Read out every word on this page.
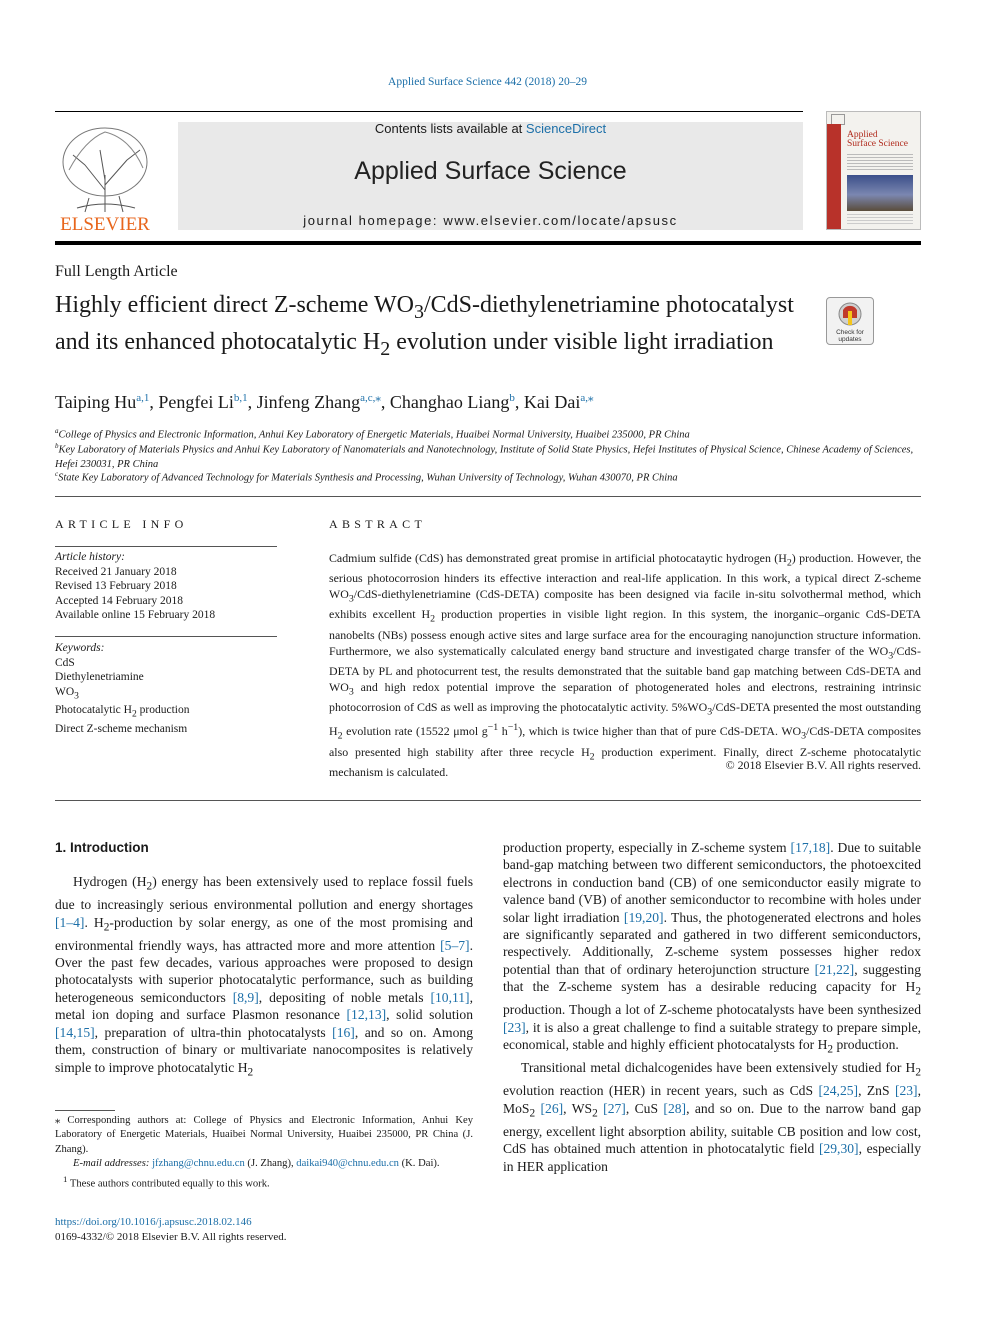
Applied Surface Science 442 (2018) 20–29
ELSEVIER
Contents lists available at ScienceDirect
Applied Surface Science
journal homepage: www.elsevier.com/locate/apsusc
Applied
Surface Science
Full Length Article
Highly efficient direct Z-scheme $WO_3/CdS$-diethylenetriamine photocatalyst and its enhanced photocatalytic $H_2$ evolution under visible light irradiation	Check for
updates
Taiping Hu$^{a,1}$, Pengfei Li$^{b,1}$, Jinfeng Zhang$^{a,c,⁎}$, Changhao Liang$^b$, Kai Dai$^{a,⁎}$
$^a$College of Physics and Electronic Information, Anhui Key Laboratory of Energetic Materials, Huaibei Normal University, Huaibei 235000, PR China
$^b$Key Laboratory of Materials Physics and Anhui Key Laboratory of Nanomaterials and Nanotechnology, Institute of Solid State Physics, Hefei Institutes of Physical Science, Chinese Academy of Sciences, Hefei 230031, PR China
$^c$State Key Laboratory of Advanced Technology for Materials Synthesis and Processing, Wuhan University of Technology, Wuhan 430070, PR China
ARTICLE INFO	ABSTRACT
Article history:
Received 21 January 2018
Revised 13 February 2018
Accepted 14 February 2018
Available online 15 February 2018
Keywords:
CdS
Diethylenetriamine
$WO_3$
Photocatalytic $H_2$ production
Direct Z-scheme mechanism
Cadmium sulfide (CdS) has demonstrated great promise in artificial photocataytic hydrogen $(H_2)$ production. However, the serious photocorrosion hinders its effective interaction and real-life application. In this work, a typical direct Z-scheme $WO_3/CdS$-diethylenetriamine (CdS-DETA) composite has been designed via facile in-situ solvothermal method, which exhibits excellent $H_2$ production properties in visible light region. In this system, the inorganic–organic CdS-DETA nanobelts (NBs) possess enough active sites and large surface area for the encouraging nanojunction structure information. Furthermore, we also systematically calculated energy band structure and investigated charge transfer of the $WO_3/CdS$-DETA by PL and photocurrent test, the results demonstrated that the suitable band gap matching between CdS-DETA and $WO_3$ and high redox potential improve the separation of photogenerated holes and electrons, restraining intrinsic photocorrosion of CdS as well as improving the photocatalytic activity. $5\%WO_3/CdS$-DETA presented the most outstanding $H_2$ evolution rate (15522 μmol $g^{-1}$ $h^{-1}$), which is twice higher than that of pure CdS-DETA. $WO_3/CdS$-DETA composites also presented high stability after three recycle $H_2$ production experiment. Finally, direct Z-scheme photocatalytic mechanism is calculated.	© 2018 Elsevier B.V. All rights reserved.
1. Introduction

Hydrogen $(H_2)$ energy has been extensively used to replace fossil fuels due to increasingly serious environmental pollution and energy shortages [1–4]. $H_2$-production by solar energy, as one of the most promising and environmental friendly ways, has attracted more and more attention [5–7]. Over the past few decades, various approaches were proposed to design photocatalysts with superior photocatalytic performance, such as building heterogeneous semiconductors [8,9], depositing of noble metals [10,11], metal ion doping and surface Plasmon resonance [12,13], solid solution [14,15], preparation of ultra-thin photocatalysts [16], and so on. Among them, construction of binary or multivariate nanocomposites is relatively simple to improve photocatalytic $H_2$

production property, especially in Z-scheme system [17,18]. Due to suitable band-gap matching between two different semiconductors, the photoexcited electrons in conduction band (CB) of one semiconductor easily migrate to valence band (VB) of another semiconductor to recombine with holes under solar light irradiation [19,20]. Thus, the photogenerated electrons and holes are significantly separated and gathered in two different semiconductors, respectively. Additionally, Z-scheme system possesses higher redox potential than that of ordinary heterojunction structure [21,22], suggesting that the Z-scheme system has a desirable reducing capacity for $H_2$ production. Though a lot of Z-scheme photocatalysts have been synthesized [23], it is also a great challenge to find a suitable strategy to prepare simple, economical, stable and highly efficient photocatalysts for $H_2$ production.

Transitional metal dichalcogenides have been extensively studied for $H_2$ evolution reaction (HER) in recent years, such as CdS [24,25], ZnS [23], MoS$_2$ [26], $WS_2$ [27], CuS [28], and so on. Due to the narrow band gap energy, excellent light absorption ability, suitable CB position and low cost, CdS has obtained much attention in photocatalytic field [29,30], especially in HER application

⁎ Corresponding authors at: College of Physics and Electronic Information, Anhui Key Laboratory of Energetic Materials, Huaibei Normal University, Huaibei 235000, PR China (J. Zhang).

E-mail addresses: jfzhang@chnu.edu.cn (J. Zhang), daikai940@chnu.edu.cn (K. Dai).

$^1$ These authors contributed equally to this work.

https://doi.org/10.1016/j.apsusc.2018.02.146
0169-4332/© 2018 Elsevier B.V. All rights reserved.
